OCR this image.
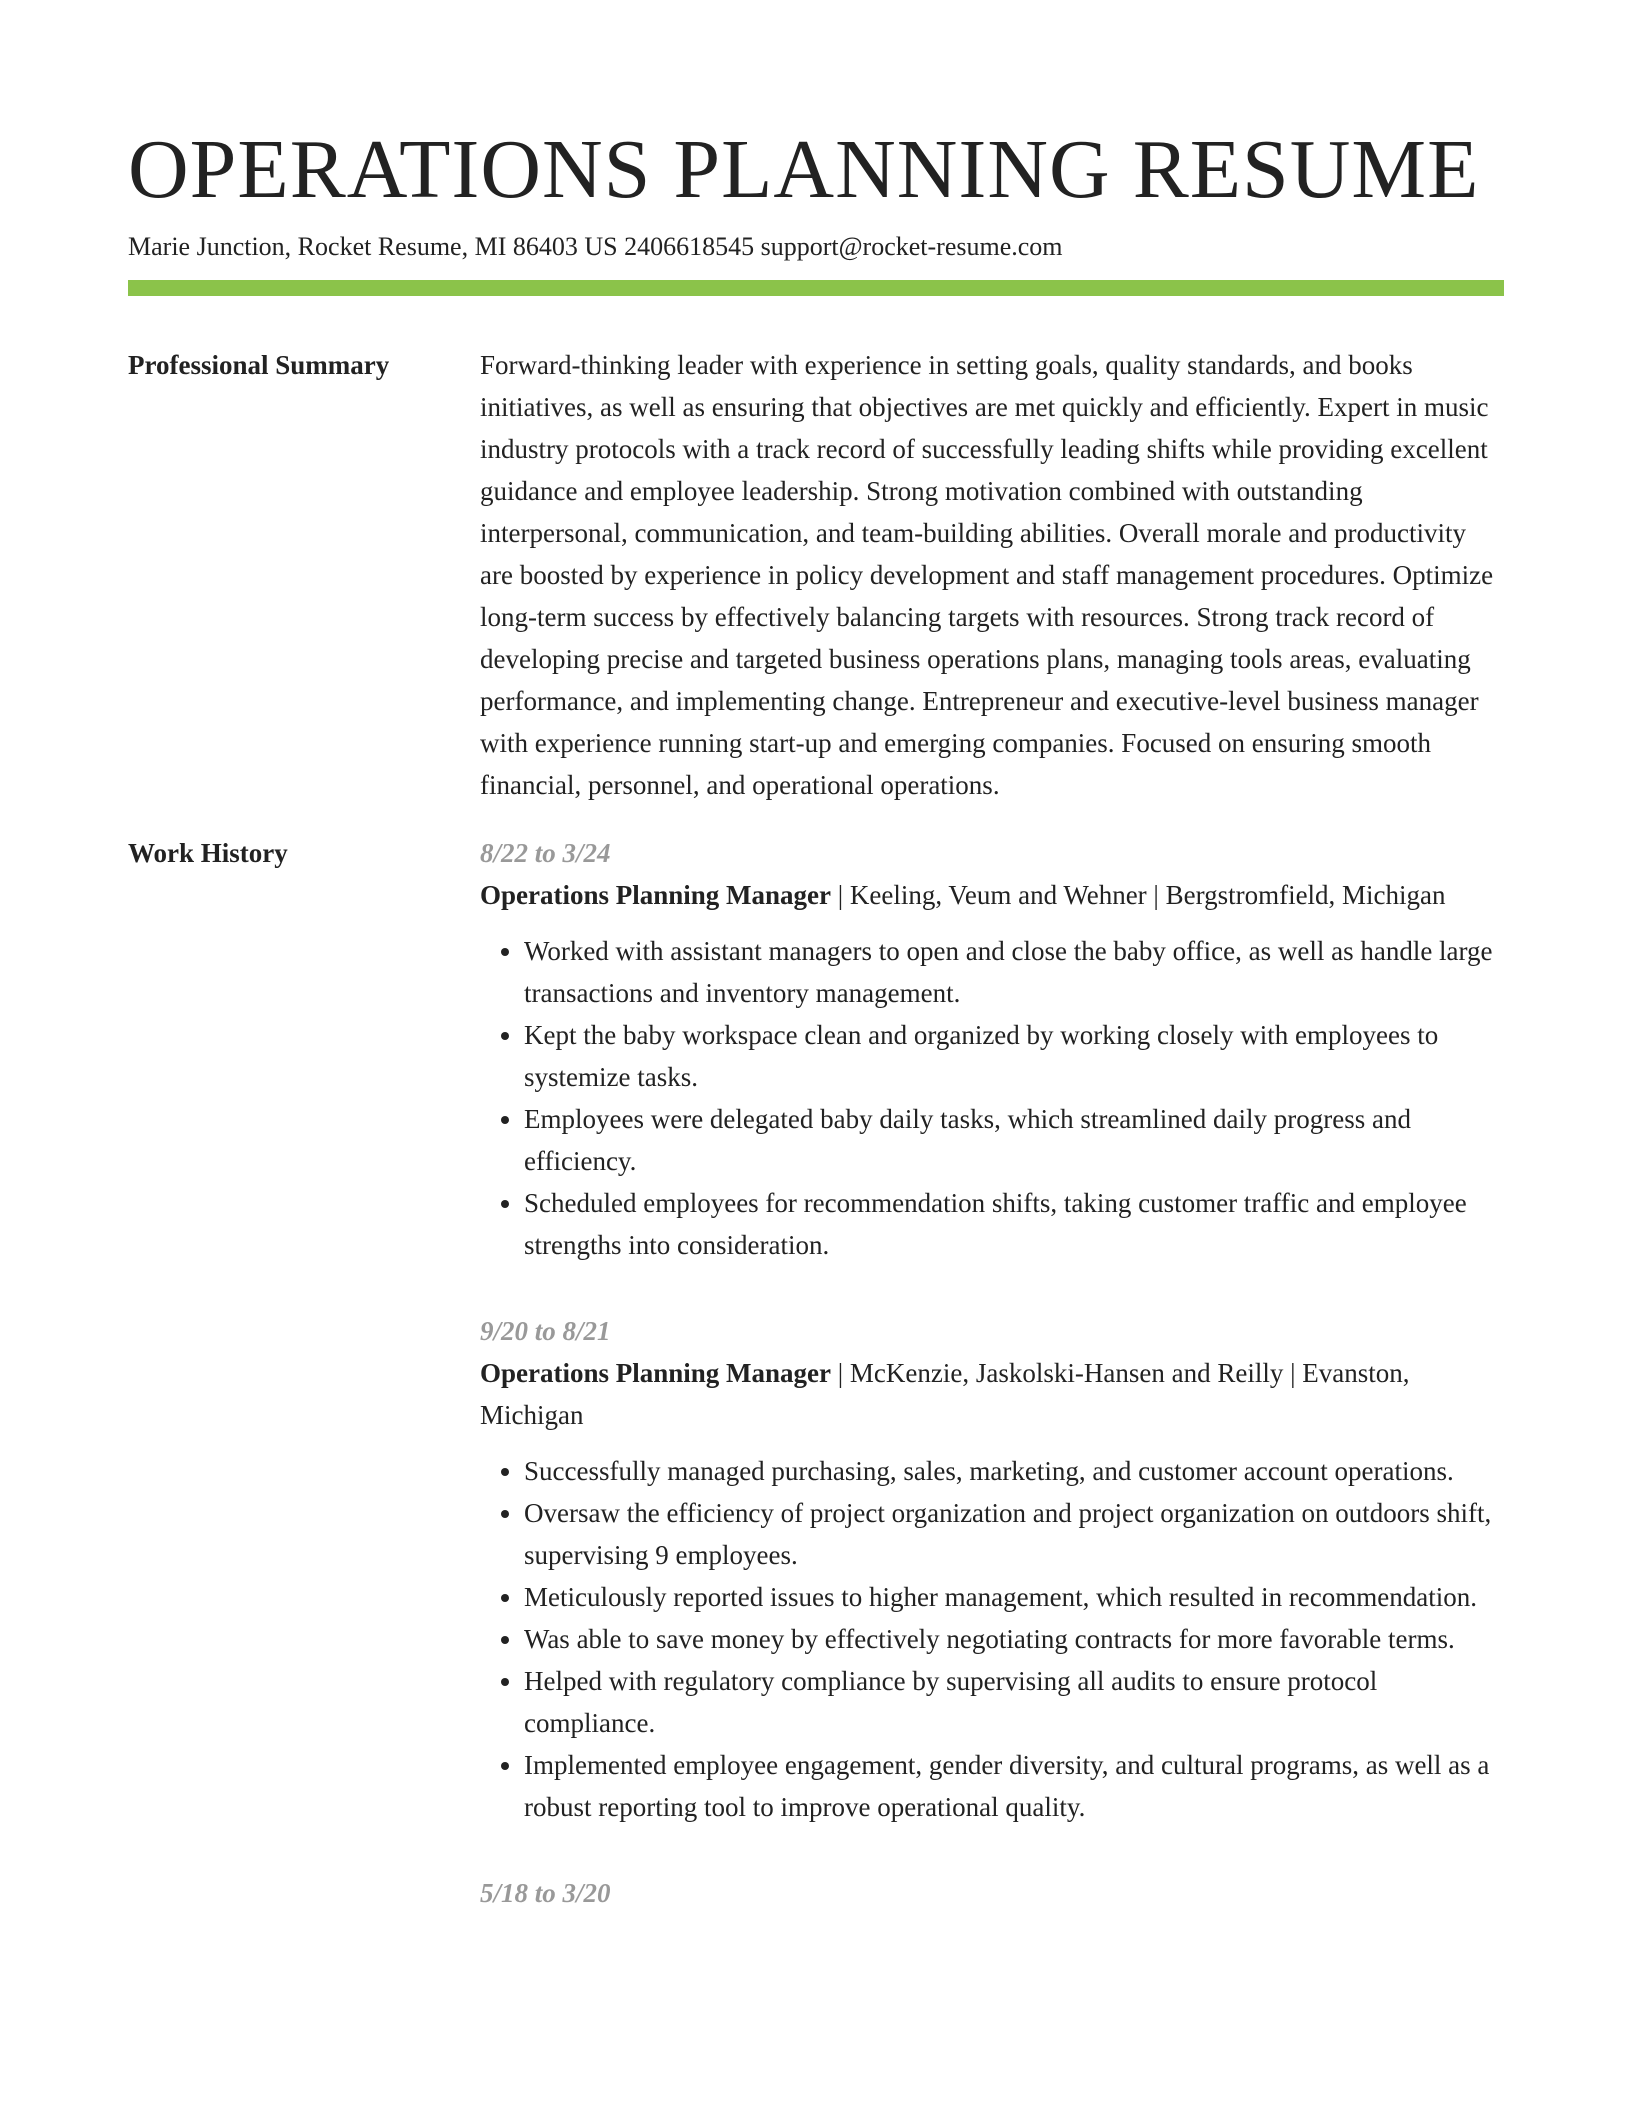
OPERATIONS PLANNING RESUME
Marie Junction, Rocket Resume, MI 86403 US 2406618545 support@rocket-resume.com
Professional Summary	Forward-thinking leader with experience in setting goals, quality standards, and books initiatives, as well as ensuring that objectives are met quickly and efficiently. Expert in music industry protocols with a track record of successfully leading shifts while providing excellent guidance and employee leadership. Strong motivation combined with outstanding interpersonal, communication, and team-building abilities. Overall morale and productivity are boosted by experience in policy development and staff management procedures. Optimize long-term success by effectively balancing targets with resources. Strong track record of developing precise and targeted business operations plans, managing tools areas, evaluating performance, and implementing change. Entrepreneur and executive-level business manager with experience running start-up and emerging companies. Focused on ensuring smooth financial, personnel, and operational operations.

Work History	8/22 to 3/24
Operations Planning Manager | Keeling, Veum and Wehner | Bergstromfield, Michigan
• Worked with assistant managers to open and close the baby office, as well as handle large transactions and inventory management.
• Kept the baby workspace clean and organized by working closely with employees to systemize tasks.
• Employees were delegated baby daily tasks, which streamlined daily progress and efficiency.
• Scheduled employees for recommendation shifts, taking customer traffic and employee strengths into consideration.
9/20 to 8/21
Operations Planning Manager | McKenzie, Jaskolski-Hansen and Reilly | Evanston, Michigan
• Successfully managed purchasing, sales, marketing, and customer account operations.
• Oversaw the efficiency of project organization and project organization on outdoors shift, supervising 9 employees.
• Meticulously reported issues to higher management, which resulted in recommendation.
• Was able to save money by effectively negotiating contracts for more favorable terms.
• Helped with regulatory compliance by supervising all audits to ensure protocol compliance.
• Implemented employee engagement, gender diversity, and cultural programs, as well as a robust reporting tool to improve operational quality.
5/18 to 3/20
